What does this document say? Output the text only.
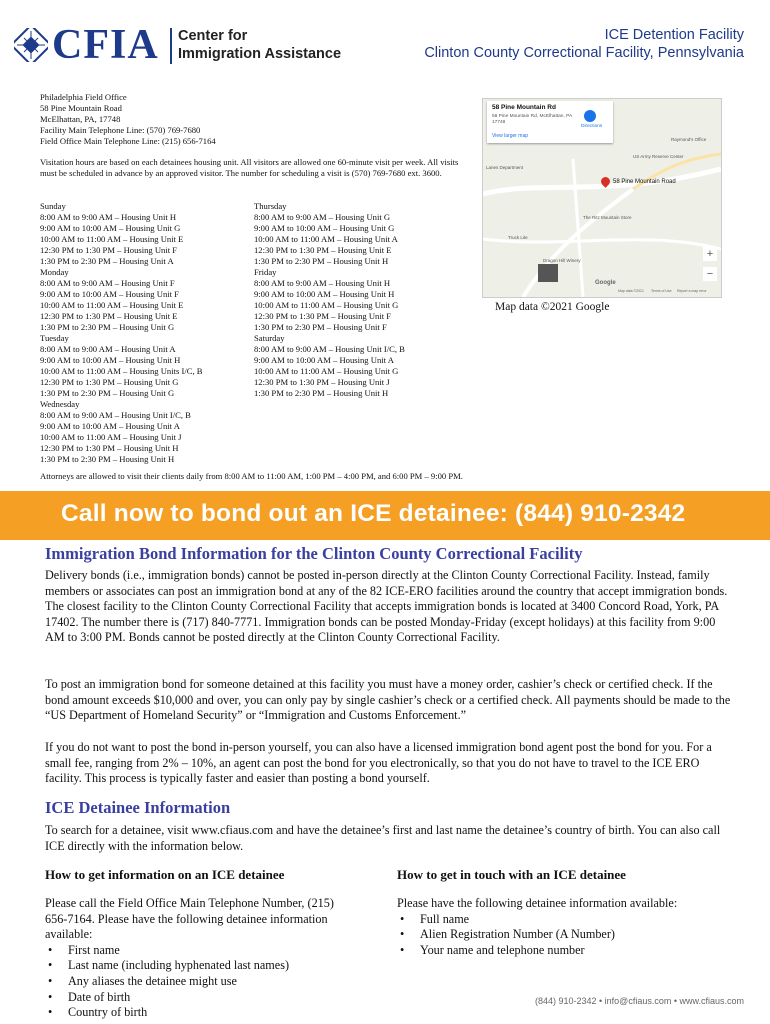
CFIA Center for
Immigration Assistance
ICE Detention Facility
Clinton County Correctional Facility, Pennsylvania
Philadelphia Field Office
58 Pine Mountain Road
McElhattan, PA, 17748
Facility Main Telephone Line: (570) 769-7680
Field Office Main Telephone Line: (215) 656-7164
Visitation hours are based on each detainees housing unit. All visitors are allowed one 60-minute visit per week. All visits must be scheduled in advance by an approved visitor. The number for scheduling a visit is (570) 769-7680 ext. 3600.
Sunday
8:00 AM to 9:00 AM – Housing Unit H
9:00 AM to 10:00 AM – Housing Unit G
10:00 AM to 11:00 AM – Housing Unit E
12:30 PM to 1:30 PM – Housing Unit F
1:30 PM to 2:30 PM – Housing Unit A
Monday
8:00 AM to 9:00 AM – Housing Unit F
9:00 AM to 10:00 AM – Housing Unit F
10:00 AM to 11:00 AM – Housing Unit E
12:30 PM to 1:30 PM – Housing Unit E
1:30 PM to 2:30 PM – Housing Unit G
Tuesday
8:00 AM to 9:00 AM – Housing Unit A
9:00 AM to 10:00 AM – Housing Unit H
10:00 AM to 11:00 AM – Housing Units I/C, B
12:30 PM to 1:30 PM – Housing Unit G
1:30 PM to 2:30 PM – Housing Unit G
Wednesday
8:00 AM to 9:00 AM – Housing Unit I/C, B
9:00 AM to 10:00 AM – Housing Unit A
10:00 AM to 11:00 AM – Housing Unit J
12:30 PM to 1:30 PM – Housing Unit H
1:30 PM to 2:30 PM – Housing Unit H
Thursday
8:00 AM to 9:00 AM – Housing Unit G
9:00 AM to 10:00 AM – Housing Unit G
10:00 AM to 11:00 AM – Housing Unit A
12:30 PM to 1:30 PM – Housing Unit E
1:30 PM to 2:30 PM – Housing Unit H
Friday
8:00 AM to 9:00 AM – Housing Unit H
9:00 AM to 10:00 AM – Housing Unit H
10:00 AM to 11:00 AM – Housing Unit G
12:30 PM to 1:30 PM – Housing Unit F
1:30 PM to 2:30 PM – Housing Unit F
Saturday
8:00 AM to 9:00 AM – Housing Unit I/C, B
9:00 AM to 10:00 AM – Housing Unit A
10:00 AM to 11:00 AM – Housing Unit G
12:30 PM to 1:30 PM – Housing Unit J
1:30 PM to 2:30 PM – Housing Unit H
58 Pine Mountain Rd
58 Pine Mountain Rd, McElhattan, PA 17748
Directions
View larger map
58 Pine Mountain Road
US Army Reserve Center
Raymond's Office
Lanes Department
The Ritz Mountain Store
Truck Lite
Dragon Hill Winery
Google
Map data ©2021 Terms of Use Report a map error
+
−
Map data ©2021 Google
Attorneys are allowed to visit their clients daily from 8:00 AM to 11:00 AM, 1:00 PM – 4:00 PM, and 6:00 PM – 9:00 PM.
Call now to bond out an ICE detainee: (844) 910-2342
Immigration Bond Information for the Clinton County Correctional Facility
Delivery bonds (i.e., immigration bonds) cannot be posted in-person directly at the Clinton County Correctional Facility. Instead, family members or associates can post an immigration bond at any of the 82 ICE-ERO facilities around the country that accept immigration bonds. The closest facility to the Clinton County Correctional Facility that accepts immigration bonds is located at 3400 Concord Road, York, PA 17402. The number there is (717) 840-7771. Immigration bonds can be posted Monday-Friday (except holidays) at this facility from 9:00 AM to 3:00 PM. Bonds cannot be posted directly at the Clinton County Correctional Facility.
To post an immigration bond for someone detained at this facility you must have a money order, cashier’s check or certified check. If the bond amount exceeds $10,000 and over, you can only pay by single cashier’s check or a certified check. All payments should be made to the “US Department of Homeland Security” or “Immigration and Customs Enforcement.”
If you do not want to post the bond in-person yourself, you can also have a licensed immigration bond agent post the bond for you. For a small fee, ranging from 2% – 10%, an agent can post the bond for you electronically, so that you do not have to travel to the ICE ERO facility. This process is typically faster and easier than posting a bond yourself.
ICE Detainee Information
To search for a detainee, visit www.cfiaus.com and have the detainee’s first and last name the detainee’s country of birth. You can also call ICE directly with the information below.
How to get information on an ICE detainee	How to get in touch with an ICE detainee
Please call the Field Office Main Telephone Number, (215) 656-7164. Please have the following detainee information available:
• First name
• Last name (including hyphenated last names)
• Any aliases the detainee might use
• Date of birth
• Country of birth
Please have the following detainee information available:
• Full name
• Alien Registration Number (A Number)
• Your name and telephone number
(844) 910-2342 • info@cfiaus.com • www.cfiaus.com
